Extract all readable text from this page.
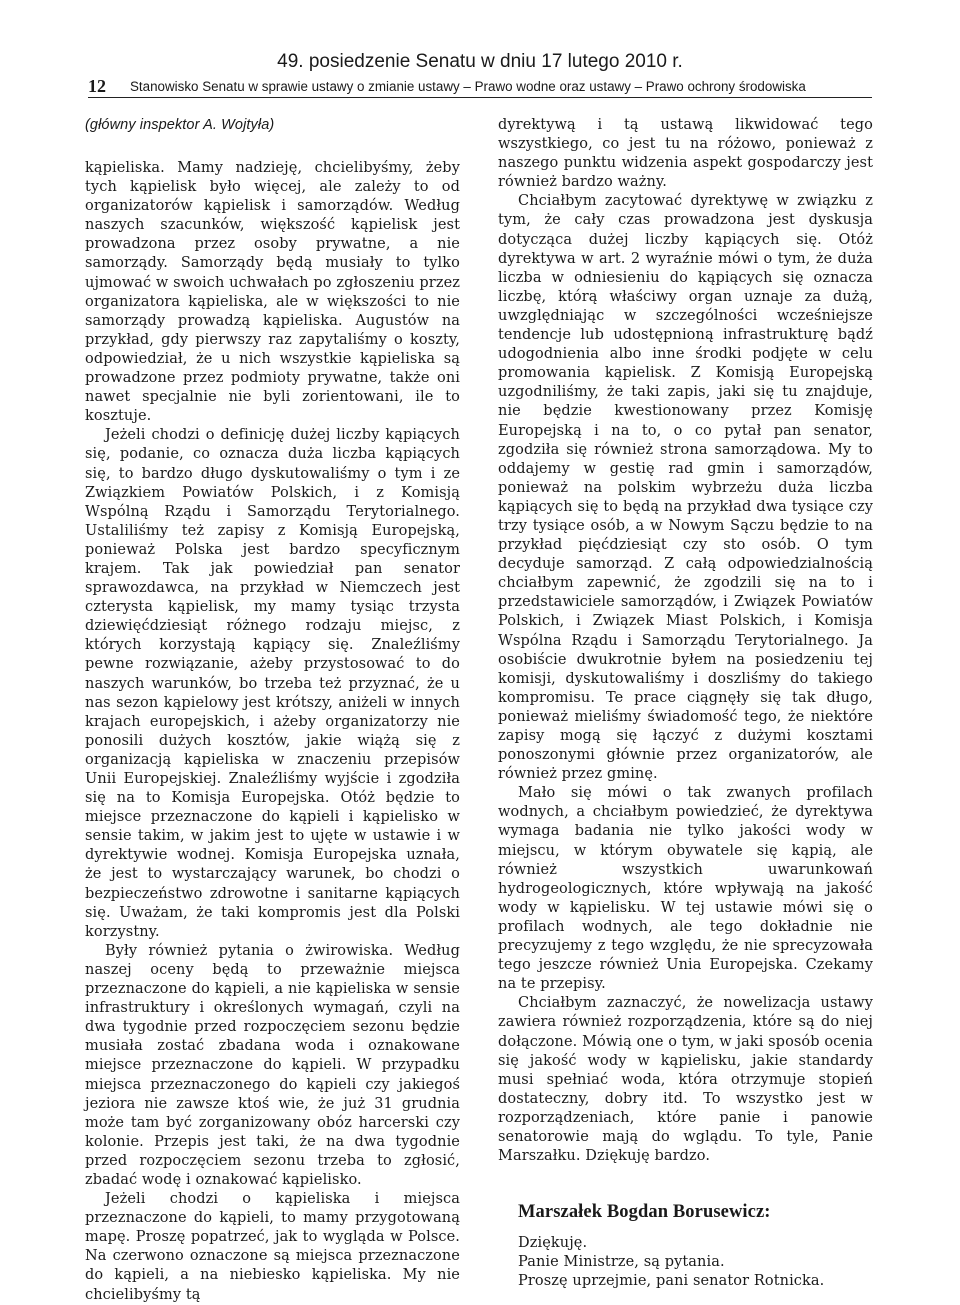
49. posiedzenie Senatu w dniu 17 lutego 2010 r.
12 Stanowisko Senatu w sprawie ustawy o zmianie ustawy – Prawo wodne oraz ustawy – Prawo ochrony środowiska
(główny inspektor A. Wojtyła)

kąpieliska. Mamy nadzieję, chcielibyśmy, żeby tych kąpielisk było więcej, ale zależy to od organizatorów kąpielisk i samorządów. Według naszych szacunków, większość kąpielisk jest prowadzona przez osoby prywatne, a nie samorządy. Samorządy będą musiały to tylko ujmować w swoich uchwałach po zgłoszeniu przez organizatora kąpieliska, ale w większości to nie samorządy prowadzą kąpieliska. Augustów na przykład, gdy pierwszy raz zapytaliśmy o koszty, odpowiedział, że u nich wszystkie kąpieliska są prowadzone przez podmioty prywatne, także oni nawet specjalnie nie byli zorientowani, ile to kosztuje.

Jeżeli chodzi o definicję dużej liczby kąpiących się, podanie, co oznacza duża liczba kąpiących się, to bardzo długo dyskutowaliśmy o tym i ze Związkiem Powiatów Polskich, i z Komisją Wspólną Rządu i Samorządu Terytorialnego. Ustaliliśmy też zapisy z Komisją Europejską, ponieważ Polska jest bardzo specyficznym krajem. Tak jak powiedział pan senator sprawozdawca, na przykład w Niemczech jest czterysta kąpielisk, my mamy tysiąc trzysta dziewięćdziesiąt różnego rodzaju miejsc, z których korzystają kąpiący się. Znaleźliśmy pewne rozwiązanie, ażeby przystosować to do naszych warunków, bo trzeba też przyznać, że u nas sezon kąpielowy jest krótszy, aniżeli w innych krajach europejskich, i ażeby organizatorzy nie ponosili dużych kosztów, jakie wiążą się z organizacją kąpieliska w znaczeniu przepisów Unii Europejskiej. Znaleźliśmy wyjście i zgodziła się na to Komisja Europejska. Otóż będzie to miejsce przeznaczone do kąpieli i kąpielisko w sensie takim, w jakim jest to ujęte w ustawie i w dyrektywie wodnej. Komisja Europejska uznała, że jest to wystarczający warunek, bo chodzi o bezpieczeństwo zdrowotne i sanitarne kąpiących się. Uważam, że taki kompromis jest dla Polski korzystny.

Były również pytania o żwirowiska. Według naszej oceny będą to przeważnie miejsca przeznaczone do kąpieli, a nie kąpieliska w sensie infrastruktury i określonych wymagań, czyli na dwa tygodnie przed rozpoczęciem sezonu będzie musiała zostać zbadana woda i oznakowane miejsce przeznaczone do kąpieli. W przypadku miejsca przeznaczonego do kąpieli czy jakiegoś jeziora nie zawsze ktoś wie, że już 31 grudnia może tam być zorganizowany obóz harcerski czy kolonie. Przepis jest taki, że na dwa tygodnie przed rozpoczęciem sezonu trzeba to zgłosić, zbadać wodę i oznakować kąpielisko.

Jeżeli chodzi o kąpieliska i miejsca przeznaczone do kąpieli, to mamy przygotowaną mapę. Proszę popatrzeć, jak to wygląda w Polsce. Na czerwono oznaczone są miejsca przeznaczone do kąpieli, a na niebiesko kąpieliska. My nie chcielibyśmy tą

dyrektywą i tą ustawą likwidować tego wszystkiego, co jest tu na różowo, ponieważ z naszego punktu widzenia aspekt gospodarczy jest również bardzo ważny.

Chciałbym zacytować dyrektywę w związku z tym, że cały czas prowadzona jest dyskusja dotycząca dużej liczby kąpiących się. Otóż dyrektywa w art. 2 wyraźnie mówi o tym, że duża liczba w odniesieniu do kąpiących się oznacza liczbę, którą właściwy organ uznaje za dużą, uwzględniając w szczególności wcześniejsze tendencje lub udostępnioną infrastrukturę bądź udogodnienia albo inne środki podjęte w celu promowania kąpielisk. Z Komisją Europejską uzgodniliśmy, że taki zapis, jaki się tu znajduje, nie będzie kwestionowany przez Komisję Europejską i na to, o co pytał pan senator, zgodziła się również strona samorządowa. My to oddajemy w gestię rad gmin i samorządów, ponieważ na polskim wybrzeżu duża liczba kąpiących się to będą na przykład dwa tysiące czy trzy tysiące osób, a w Nowym Sączu będzie to na przykład pięćdziesiąt czy sto osób. O tym decyduje samorząd. Z całą odpowiedzialnością chciałbym zapewnić, że zgodzili się na to i przedstawiciele samorządów, i Związek Powiatów Polskich, i Związek Miast Polskich, i Komisja Wspólna Rządu i Samorządu Terytorialnego. Ja osobiście dwukrotnie byłem na posiedzeniu tej komisji, dyskutowaliśmy i doszliśmy do takiego kompromisu. Te prace ciągnęły się tak długo, ponieważ mieliśmy świadomość tego, że niektóre zapisy mogą się łączyć z dużymi kosztami ponoszonymi głównie przez organizatorów, ale również przez gminę.

Mało się mówi o tak zwanych profilach wodnych, a chciałbym powiedzieć, że dyrektywa wymaga badania nie tylko jakości wody w miejscu, w którym obywatele się kąpią, ale również wszystkich uwarunkowań hydrogeologicznych, które wpływają na jakość wody w kąpielisku. W tej ustawie mówi się o profilach wodnych, ale tego dokładnie nie precyzujemy z tego względu, że nie sprecyzowała tego jeszcze również Unia Europejska. Czekamy na te przepisy.

Chciałbym zaznaczyć, że nowelizacja ustawy zawiera również rozporządzenia, które są do niej dołączone. Mówią one o tym, w jaki sposób ocenia się jakość wody w kąpielisku, jakie standardy musi spełniać woda, która otrzymuje stopień dostateczny, dobry itd. To wszystko jest w rozporządzeniach, które panie i panowie senatorowie mają do wglądu. To tyle, Panie Marszałku. Dziękuję bardzo.

Marszałek Bogdan Borusewicz:

Dziękuję.

Panie Ministrze, są pytania.

Proszę uprzejmie, pani senator Rotnicka.
